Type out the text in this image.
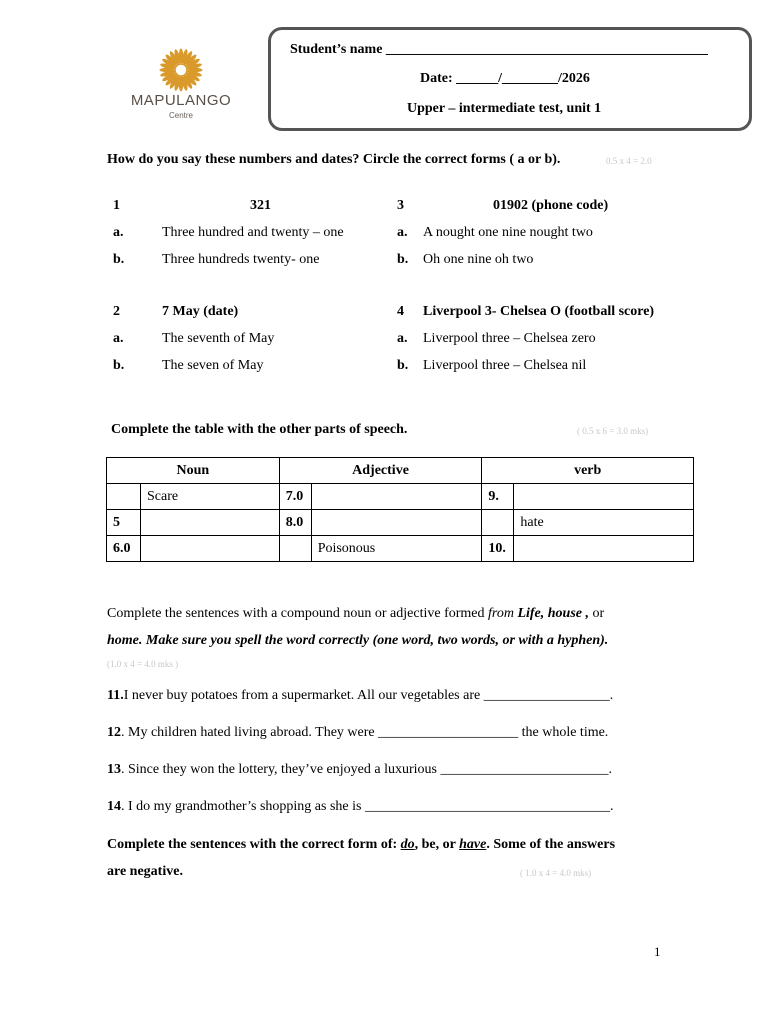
MAPULANGO
Centre
Student’s name ______________________________________________
Date: ______/________/2026
Upper – intermediate test, unit 1
How do you say these numbers and dates? Circle the correct forms ( a or b).	0.5 x 4 = 2.0
1	321
a.	Three hundred and twenty – one
b.	Three hundreds twenty- one
3	01902 (phone code)
a. A nought one nine nought two
b. Oh one nine oh two
2	7 May (date)
a.	The seventh of May
b.	The seven of May
4 Liverpool 3- Chelsea O (football score)
a. Liverpool three – Chelsea zero
b. Liverpool three – Chelsea nil
Complete the table with the other parts of speech.	( 0.5 x 6 = 3.0 mks)
Noun		Adjective		verb	
	Scare	7.0		9.	
5		8.0			hate
6.0			Poisonous	10.	
Complete the sentences with a compound noun or adjective formed from Life, house , or
home. Make sure you spell the word correctly (one word, two words, or with a hyphen).
(1.0 x 4 = 4.0 mks )
11.I never buy potatoes from a supermarket. All our vegetables are __________________.
12. My children hated living abroad. They were ____________________ the whole time.
13. Since they won the lottery, they’ve enjoyed a luxurious ________________________.
14. I do my grandmother’s shopping as she is ___________________________________.
Complete the sentences with the correct form of: do, be, or have. Some of the answers
are negative.	( 1.0 x 4 = 4.0 mks)
1
